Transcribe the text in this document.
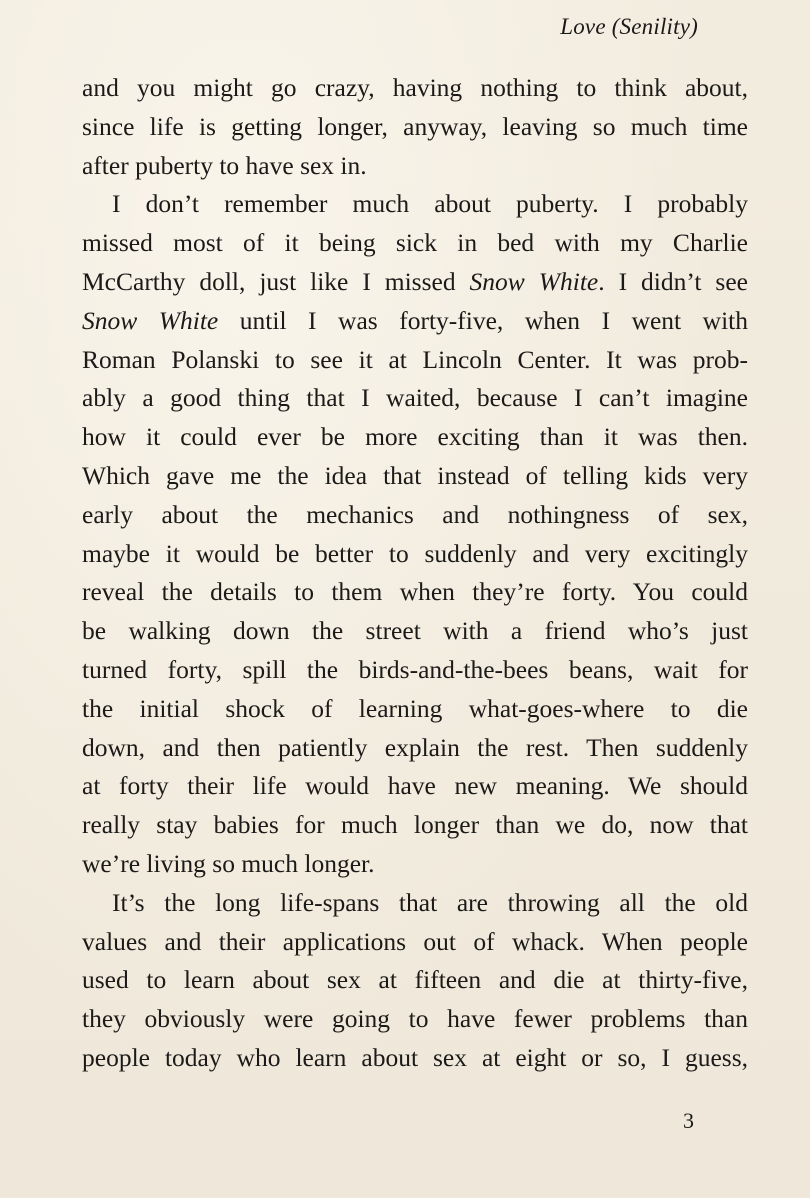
Love (Senility)
and you might go crazy, having nothing to think about,
since life is getting longer, anyway, leaving so much time
after puberty to have sex in.
I don’t remember much about puberty. I probably
missed most of it being sick in bed with my Charlie
McCarthy doll, just like I missed Snow White. I didn’t see
Snow White until I was forty-five, when I went with
Roman Polanski to see it at Lincoln Center. It was prob-
ably a good thing that I waited, because I can’t imagine
how it could ever be more exciting than it was then.
Which gave me the idea that instead of telling kids very
early about the mechanics and nothingness of sex,
maybe it would be better to suddenly and very excitingly
reveal the details to them when they’re forty. You could
be walking down the street with a friend who’s just
turned forty, spill the birds-and-the-bees beans, wait for
the initial shock of learning what-goes-where to die
down, and then patiently explain the rest. Then suddenly
at forty their life would have new meaning. We should
really stay babies for much longer than we do, now that
we’re living so much longer.
It’s the long life-spans that are throwing all the old
values and their applications out of whack. When people
used to learn about sex at fifteen and die at thirty-five,
they obviously were going to have fewer problems than
people today who learn about sex at eight or so, I guess,
3
